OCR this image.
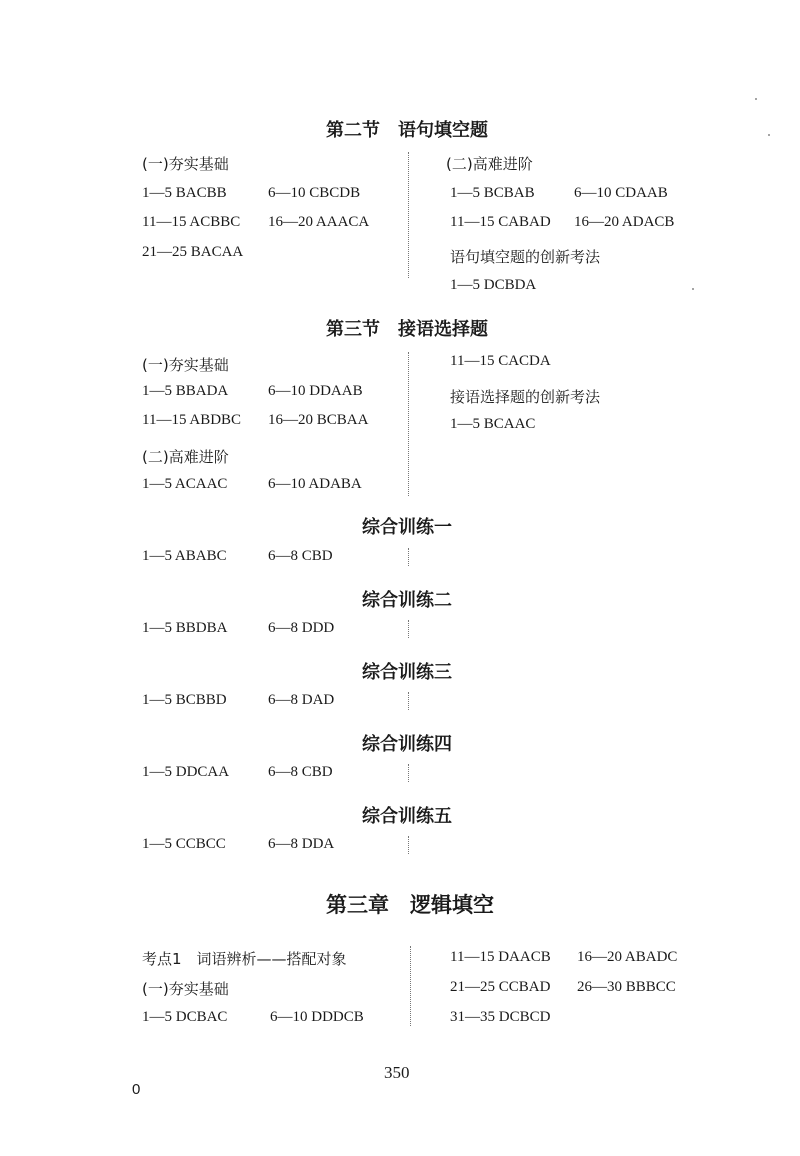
第二节　语句填空题
(一)夯实基础
1—5 BACBB	6—10 CBCDB
11—15 ACBBC 16—20 AAACA
21—25 BACAA
(二)高难进阶
1—5 BCBAB	6—10 CDAAB
11—15 CABAD 16—20 ADACB
语句填空题的创新考法
1—5 DCBDA
第三节　接语选择题
(一)夯实基础
1—5 BBADA	6—10 DDAAB
11—15 ABDBC 16—20 BCBAA
(二)高难进阶
1—5 ACAAC	6—10 ADABA
11—15 CACDA
接语选择题的创新考法
1—5 BCAAC
综合训练一
1—5 ABABC	6—8 CBD
综合训练二
1—5 BBDBA	6—8 DDD
综合训练三
1—5 BCBBD	6—8 DAD
综合训练四
1—5 DDCAA	6—8 CBD
综合训练五
1—5 CCBCC	6—8 DDA
第三章　逻辑填空
考点1　词语辨析——搭配对象
(一)夯实基础
1—5 DCBAC	6—10 DDDCB
11—15 DAACB 16—20 ABADC
21—25 CCBAD 26—30 BBBCC
31—35 DCBCD
350
0
